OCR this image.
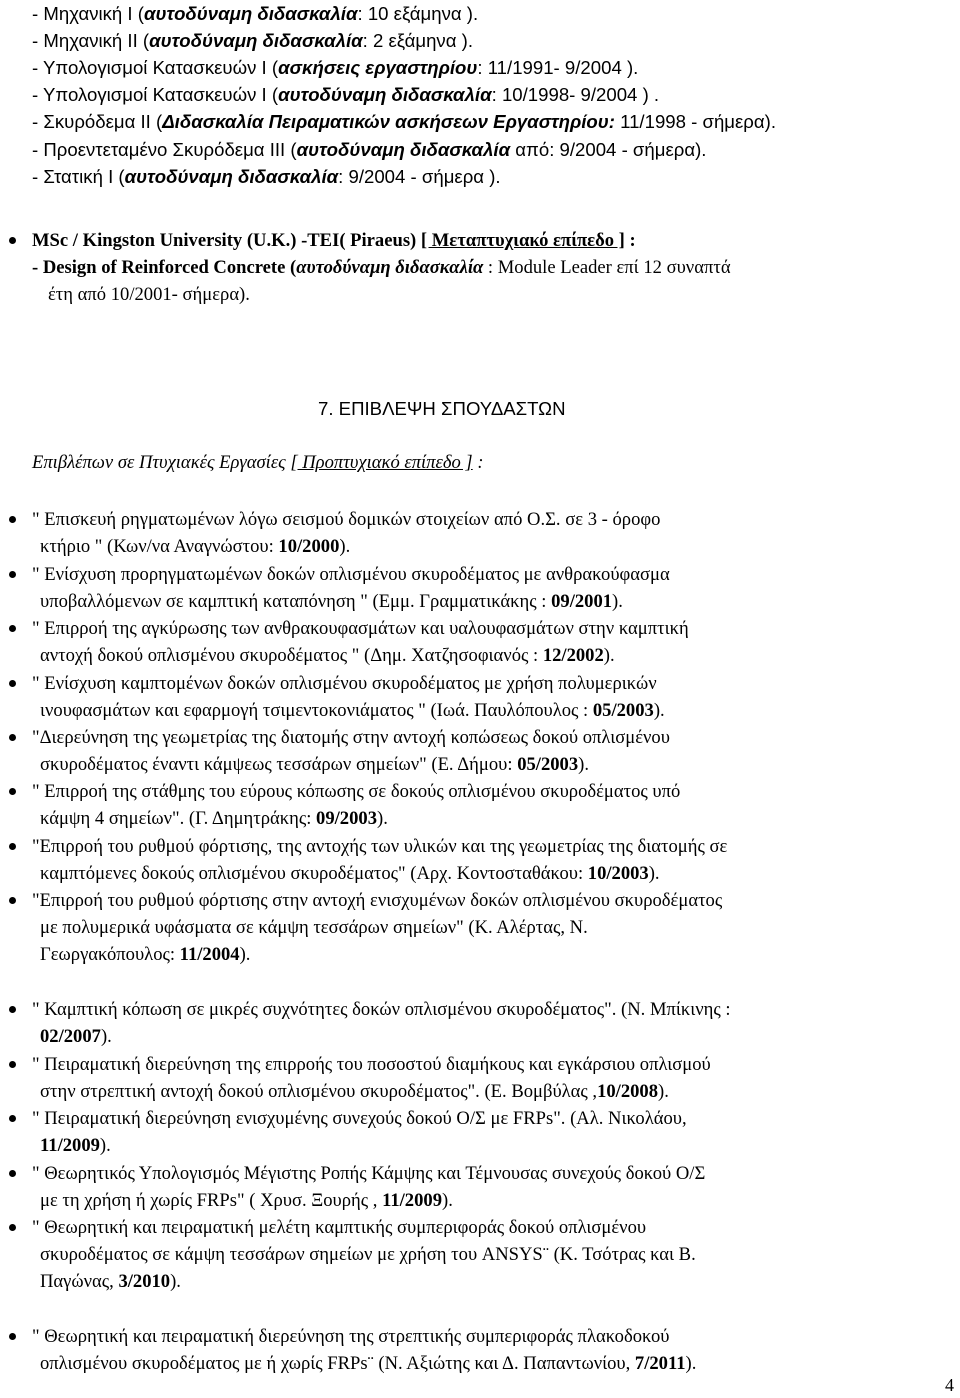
- Μηχανική Ι (αυτοδύναμη διδασκαλία: 10 εξάμηνα ).
- Μηχανική ΙΙ (αυτοδύναμη διδασκαλία: 2 εξάμηνα ).
- Υπολογισμοί Κατασκευών Ι (ασκήσεις εργαστηρίου: 11/1991- 9/2004 ).
- Υπολογισμοί Κατασκευών Ι (αυτοδύναμη διδασκαλία: 10/1998- 9/2004 ) .
- Σκυρόδεμα ΙΙ (Διδασκαλία Πειραματικών ασκήσεων Εργαστηρίου: 11/1998 - σήμερα).
- Προεντεταμένο Σκυρόδεμα ΙΙΙ (αυτοδύναμη διδασκαλία από: 9/2004 - σήμερα).
- Στατική Ι (αυτοδύναμη διδασκαλία: 9/2004 - σήμερα ).
MSc / Kingston University (U.K.) -TEI( Piraeus) [ Μεταπτυχιακό επίπεδο ] :
- Design of Reinforced Concrete (αυτοδύναμη διδασκαλία : Module Leader επί 12 συναπτά
έτη από 10/2001- σήμερα).
7. ΕΠΙΒΛΕΨΗ ΣΠΟΥΔΑΣΤΩΝ
Επιβλέπων σε Πτυχιακές Εργασίες [ Προπτυχιακό επίπεδο ] :
" Επισκευή ρηγματωμένων λόγω σεισμού δομικών στοιχείων από Ο.Σ. σε 3 - όροφο
κτήριο " (Κων/να Αναγνώστου: 10/2000).
" Ενίσχυση προρηγματωμένων δοκών οπλισμένου σκυροδέματος με ανθρακούφασμα
υποβαλλόμενων σε καμπτική καταπόνηση " (Εμμ. Γραμματικάκης : 09/2001).
" Επιρροή της αγκύρωσης των ανθρακουφασμάτων και υαλουφασμάτων στην καμπτική
αντοχή δοκού οπλισμένου σκυροδέματος " (Δημ. Χατζησοφιανός : 12/2002).
" Ενίσχυση καμπτομένων δοκών οπλισμένου σκυροδέματος με χρήση πολυμερικών
ινουφασμάτων και εφαρμογή τσιμεντοκονιάματος " (Ιωά. Παυλόπουλος : 05/2003).
"Διερεύνηση της γεωμετρίας της διατομής στην αντοχή κοπώσεως δοκού οπλισμένου
σκυροδέματος έναντι κάμψεως τεσσάρων σημείων" (Ε. Δήμου: 05/2003).
" Επιρροή της στάθμης του εύρους κόπωσης σε δοκούς οπλισμένου σκυροδέματος υπό
κάμψη 4 σημείων". (Γ. Δημητράκης: 09/2003).
"Επιρροή του ρυθμού φόρτισης, της αντοχής των υλικών και της γεωμετρίας της διατομής σε
καμπτόμενες δοκούς οπλισμένου σκυροδέματος" (Αρχ. Κοντοσταθάκου: 10/2003).
"Επιρροή του ρυθμού φόρτισης στην αντοχή ενισχυμένων δοκών οπλισμένου σκυροδέματος
με πολυμερικά υφάσματα σε κάμψη τεσσάρων σημείων" (Κ. Αλέρτας, Ν.
Γεωργακόπουλος: 11/2004).
" Καμπτική κόπωση σε μικρές συχνότητες δοκών οπλισμένου σκυροδέματος". (Ν. Μπίκινης :
02/2007).
" Πειραματική διερεύνηση της επιρροής του ποσοστού διαμήκους και εγκάρσιου οπλισμού
στην στρεπτική αντοχή δοκού οπλισμένου σκυροδέματος". (Ε. Βομβύλας ,10/2008).
" Πειραματική διερεύνηση ενισχυμένης συνεχούς δοκού Ο/Σ με FRPs". (Αλ. Νικολάου,
11/2009).
" Θεωρητικός Υπολογισμός Μέγιστης Ροπής Κάμψης και Τέμνουσας συνεχούς δοκού Ο/Σ
με τη χρήση ή χωρίς FRPs" ( Χρυσ. Ξουρής , 11/2009).
" Θεωρητική και πειραματική μελέτη καμπτικής συμπεριφοράς δοκού οπλισμένου
σκυροδέματος σε κάμψη τεσσάρων σημείων με χρήση του ANSYS¨ (Κ. Τσότρας και Β.
Παγώνας, 3/2010).
" Θεωρητική και πειραματική διερεύνηση της στρεπτικής συμπεριφοράς πλακοδοκού
οπλισμένου σκυροδέματος με ή χωρίς FRPs¨ (Ν. Αξιώτης και Δ. Παπαντωνίου, 7/2011).
4
